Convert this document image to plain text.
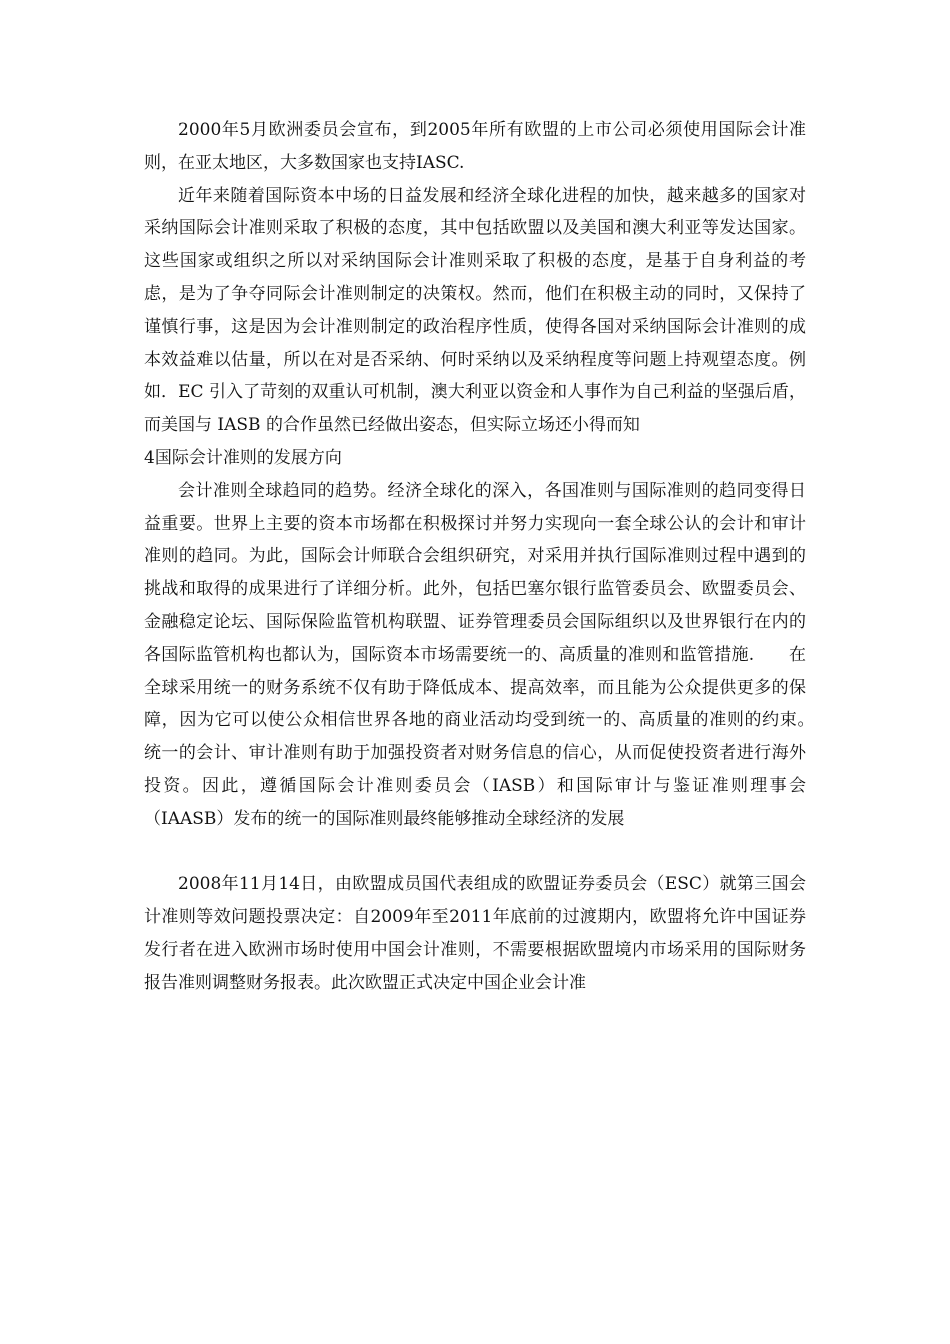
2000年5月欧洲委员会宣布，到2005年所有欧盟的上市公司必须使用国际会计准则，在亚太地区，大多数国家也支持IASC.

近年来随着国际资本中场的日益发展和经济全球化进程的加快，越来越多的国家对采纳国际会计准则采取了积极的态度，其中包括欧盟以及美国和澳大利亚等发达国家。这些国家或组织之所以对采纳国际会计准则采取了积极的态度，是基于自身利益的考虑，是为了争夺同际会计准则制定的决策权。然而，他们在积极主动的同时，又保持了谨慎行事，这是因为会计准则制定的政治程序性质，使得各国对采纳国际会计准则的成本效益难以估量，所以在对是否采纳、何时采纳以及采纳程度等问题上持观望态度。例如．EC 引入了苛刻的双重认可机制，澳大利亚以资金和人事作为自己利益的坚强后盾，而美国与 IASB 的合作虽然已经做出姿态，但实际立场还小得而知

4国际会计准则的发展方向

会计准则全球趋同的趋势。经济全球化的深入，各国准则与国际准则的趋同变得日益重要。世界上主要的资本市场都在积极探讨并努力实现向一套全球公认的会计和审计准则的趋同。为此，国际会计师联合会组织研究，对采用并执行国际准则过程中遇到的挑战和取得的成果进行了详细分析。此外，包括巴塞尔银行监管委员会、欧盟委员会、金融稳定论坛、国际保险监管机构联盟、证券管理委员会国际组织以及世界银行在内的各国际监管机构也都认为，国际资本市场需要统一的、高质量的准则和监管措施.　　在全球采用统一的财务系统不仅有助于降低成本、提高效率，而且能为公众提供更多的保障，因为它可以使公众相信世界各地的商业活动均受到统一的、高质量的准则的约束。　　统一的会计、审计准则有助于加强投资者对财务信息的信心，从而促使投资者进行海外投资。因此，遵循国际会计准则委员会（IASB）和国际审计与鉴证准则理事会（IAASB）发布的统一的国际准则最终能够推动全球经济的发展

2008年11月14日，由欧盟成员国代表组成的欧盟证券委员会（ESC）就第三国会计准则等效问题投票决定：自2009年至2011年底前的过渡期内，欧盟将允许中国证券发行者在进入欧洲市场时使用中国会计准则，不需要根据欧盟境内市场采用的国际财务报告准则调整财务报表。此次欧盟正式决定中国企业会计准
